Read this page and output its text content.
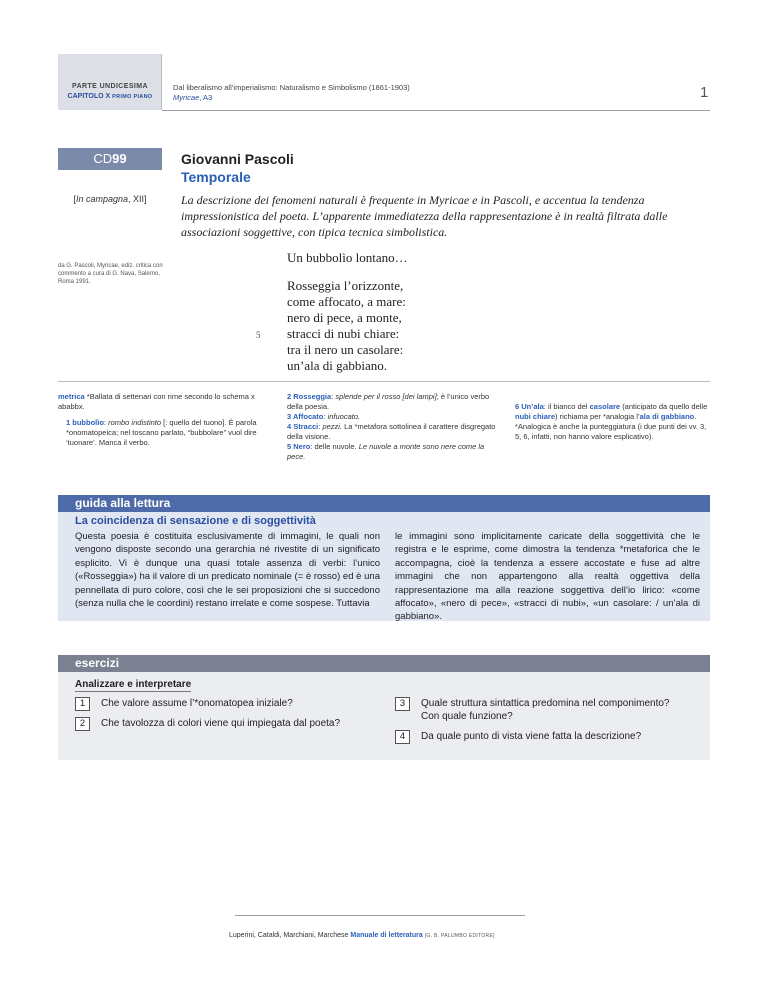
PARTE UNDICESIMA
CAPITOLO X PRIMO PIANO
Dal liberalismo all’imperialismo: Naturalismo e Simbolismo (1861-1903)
Myricae, A3	1
CD99
[In campagna, XII]
Giovanni Pascoli
Temporale
La descrizione dei fenomeni naturali è frequente in Myricae e in Pascoli, e accentua la tendenza impressionistica del poeta. L’apparente immediatezza della rappresentazione è in realtà filtrata dalle associazioni soggettive, con tipica tecnica simbolistica.
da G. Pascoli, Myricae, ediz. critica con commento a cura di G. Nava, Salerno, Roma 1991.
Un bubbolìo lontano…
Rosseggia l’orizzonte,
come affocato, a mare:
nero di pece, a monte,
stracci di nubi chiare:
tra il nero un casolare:
un’ala di gabbiano.
5

metrica *Ballata di settenari con rime secondo lo schema x ababbx.

1 bubbolìo: rombo indistinto [: quello del tuono]. È parola *onomatopeica; nel toscano parlato, “bubbolare” vuol dire ‘tuonare’. Manca il verbo.

2 Rosseggia: splende per il rosso [dei lampi]; è l’unico verbo della poesia.

3 Affocato: infuocato.

4 Stracci: pezzi. La *metafora sottolinea il carattere disgregato della visione.

5 Nero: delle nuvole. Le nuvole a monte sono nere come la pece.

6 Un’ala: il bianco del casolare (anticipato da quello delle nubi chiare) richiama per *analogia l’ala di gabbiano. *Analogica è anche la punteggiatura (i due punti dei vv. 3, 5, 6, infatti, non hanno valore esplicativo).

guida alla lettura
La coincidenza di sensazione e di soggettività
Questa poesia è costituita esclusivamente di immagini, le quali non vengono disposte secondo una gerarchia né rivestite di un significato esplicito. Vi è dunque una quasi totale assenza di verbi: l’unico («Rosseggia») ha il valore di un predicato nominale (= è rosso) ed è una pennellata di puro colore, così che le sei proposizioni che si succedono (senza nulla che le coordini) restano irrelate e come sospese. Tuttavia
le immagini sono implicitamente caricate della soggettività che le registra e le esprime, come dimostra la tendenza *metaforica che le accompagna, cioè la tendenza a essere accostate e fuse ad altre immagini che non appartengono alla realtà oggettiva della rappresentazione ma alla reazione soggettiva dell’io lirico: «come affocato», «nero di pece», «stracci di nubi», «un casolare: / un’ala di gabbiano».
esercizi
Analizzare e interpretare
1	Che valore assume l’*onomatopea iniziale?
2	Che tavolozza di colori viene qui impiegata dal poeta?
3	Quale struttura sintattica predomina nel componimento?
Con quale funzione?
4	Da quale punto di vista viene fatta la descrizione?
Luperini, Cataldi, Marchiani, Marchese Manuale di letteratura [G. B. PALUMBO EDITORE]
